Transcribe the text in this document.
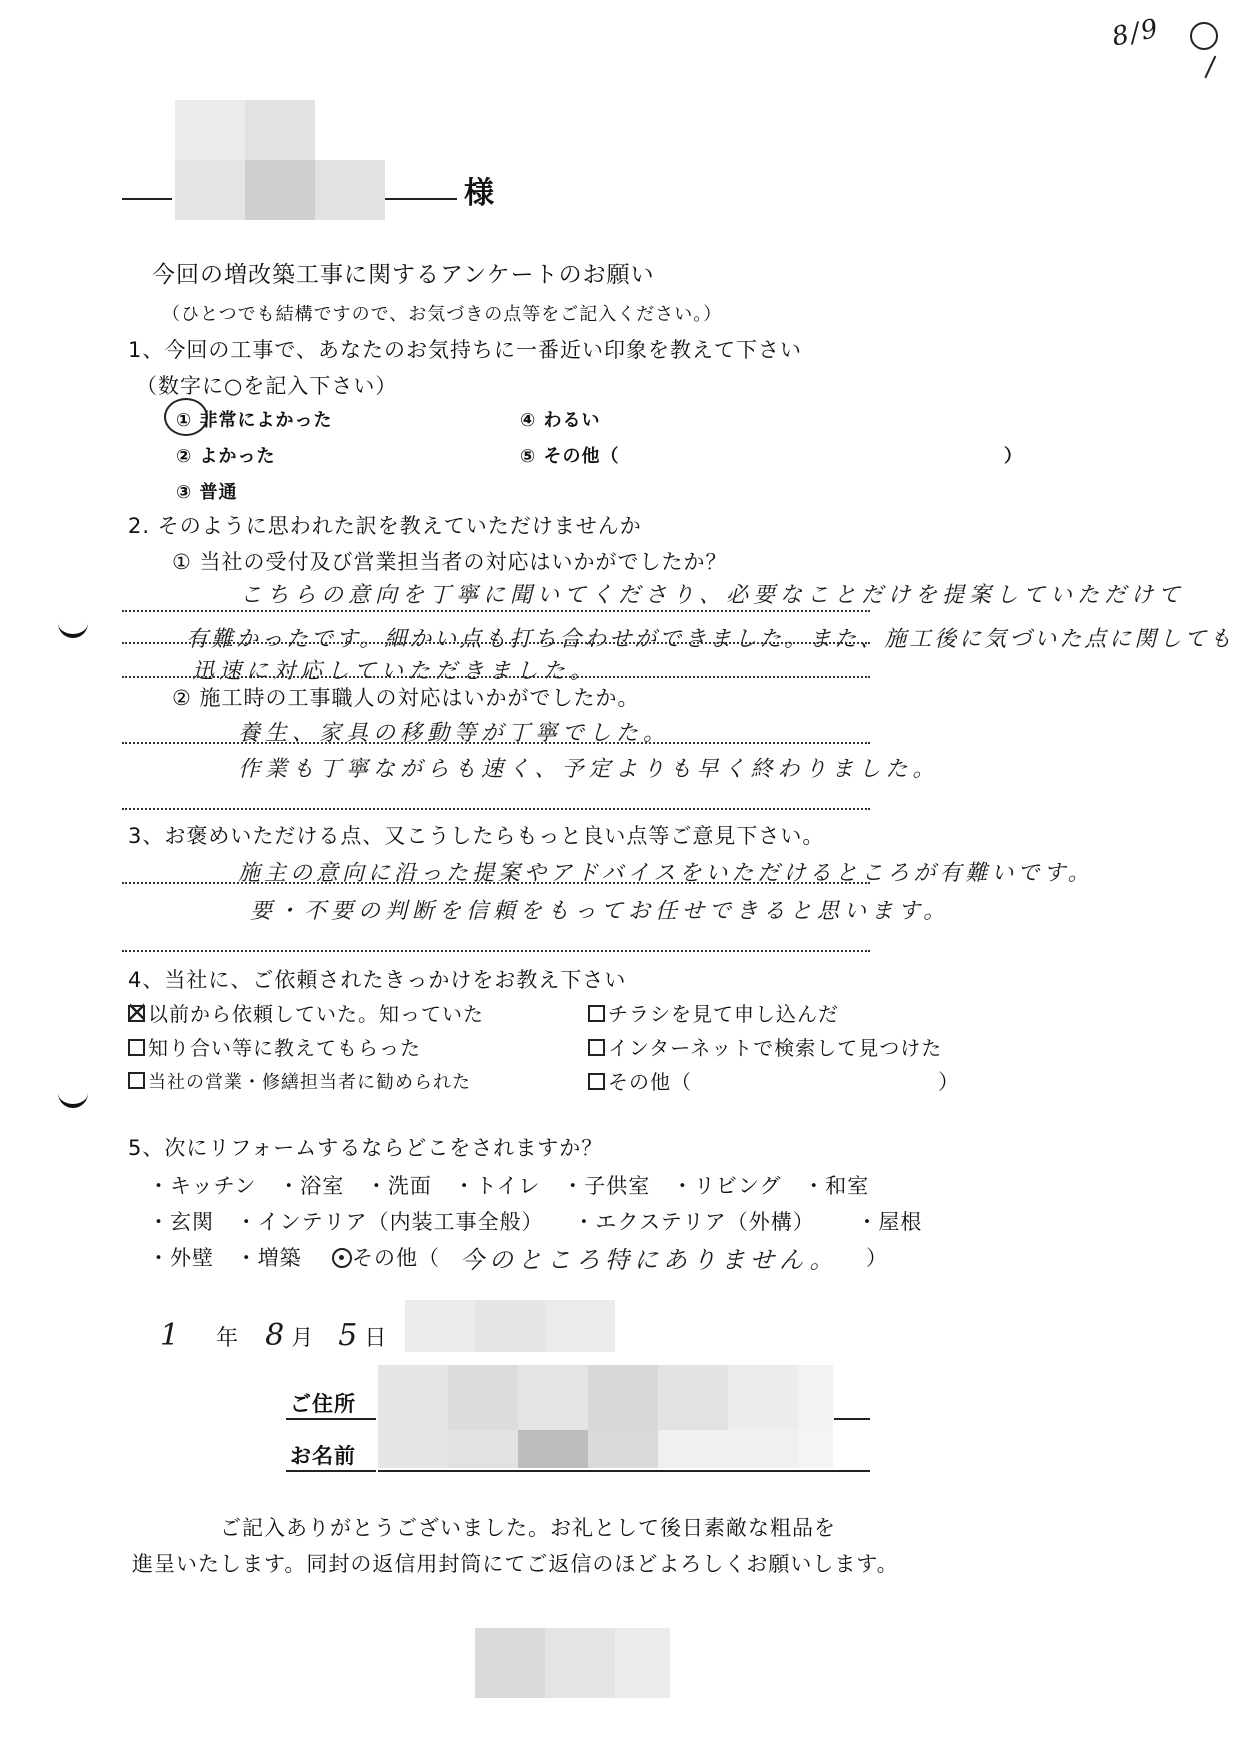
8/9
様
今回の増改築工事に関するアンケートのお願い
（ひとつでも結構ですので、お気づきの点等をご記入ください。）
1、今回の工事で、あなたのお気持ちに一番近い印象を教えて下さい
（数字に○を記入下さい）
① 非常によかった
② よかった
③ 普通
④ わるい
⑤ その他（	）
2. そのように思われた訳を教えていただけませんか
① 当社の受付及び営業担当者の対応はいかがでしたか？
こちらの意向を丁寧に聞いてくださり、必要なことだけを提案していただけて
有難かったです。細かい点も打ち合わせができました。また、施工後に気づいた点に関しても
迅速に対応していただきました。
② 施工時の工事職人の対応はいかがでしたか。
養生、家具の移動等が丁寧でした。
作業も丁寧ながらも速く、予定よりも早く終わりました。
3、お褒めいただける点、又こうしたらもっと良い点等ご意見下さい。
施主の意向に沿った提案やアドバイスをいただけるところが有難いです。
要・不要の判断を信頼をもってお任せできると思います。
4、当社に、ご依頼されたきっかけをお教え下さい
以前から依頼していた。知っていた	チラシを見て申し込んだ
知り合い等に教えてもらった	インターネットで検索して見つけた
当社の営業・修繕担当者に勧められた	その他（	）
5、次にリフォームするならどこをされますか？
・キッチン ・浴室 ・洗面 ・トイレ ・子供室 ・リビング ・和室
・玄関 ・インテリア（内装工事全般） ・エクステリア（外構） ・屋根
・外壁 ・増築 その他（ 今のところ特にありません。 ）
1 年 8 月 5 日
ご住所
お名前
ご記入ありがとうございました。お礼として後日素敵な粗品を
進呈いたします。同封の返信用封筒にてご返信のほどよろしくお願いします。
